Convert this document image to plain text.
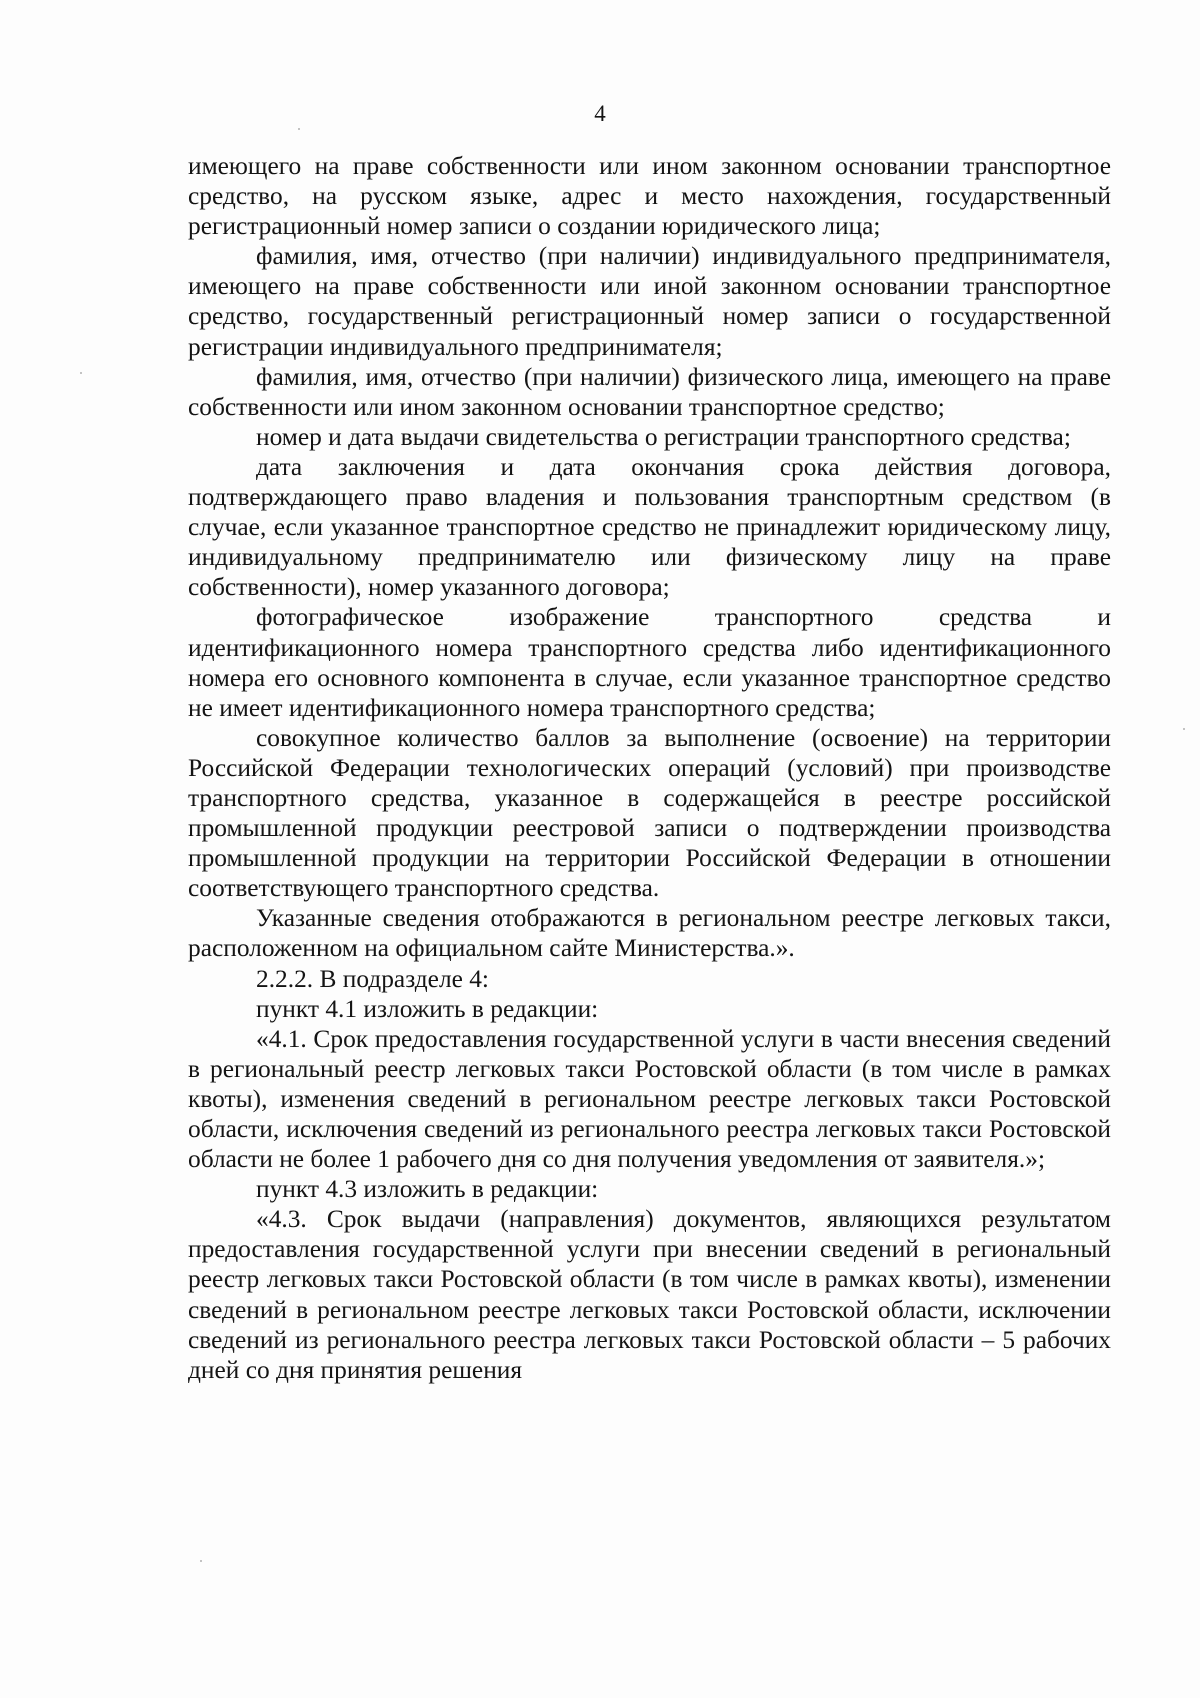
4

имеющего на праве собственности или ином законном основании транспортное средство, на русском языке, адрес и место нахождения, государственный регистрационный номер записи о создании юридического лица;

фамилия, имя, отчество (при наличии) индивидуального предпринимателя, имеющего на праве собственности или иной законном основании транспортное средство, государственный регистрационный номер записи о государственной регистрации индивидуального предпринимателя;

фамилия, имя, отчество (при наличии) физического лица, имеющего на праве собственности или ином законном основании транспортное средство;

номер и дата выдачи свидетельства о регистрации транспортного средства;

дата заключения и дата окончания срока действия договора, подтверждающего право владения и пользования транспортным средством (в случае, если указанное транспортное средство не принадлежит юридическому лицу, индивидуальному предпринимателю или физическому лицу на праве собственности), номер указанного договора;

фотографическое изображение транспортного средства и идентификационного номера транспортного средства либо идентификационного номера его основного компонента в случае, если указанное транспортное средство не имеет идентификационного номера транспортного средства;

совокупное количество баллов за выполнение (освоение) на территории Российской Федерации технологических операций (условий) при производстве транспортного средства, указанное в содержащейся в реестре российской промышленной продукции реестровой записи о подтверждении производства промышленной продукции на территории Российской Федерации в отношении соответствующего транспортного средства.

Указанные сведения отображаются в региональном реестре легковых такси, расположенном на официальном сайте Министерства.».

2.2.2. В подразделе 4:

пункт 4.1 изложить в редакции:

«4.1. Срок предоставления государственной услуги в части внесения сведений в региональный реестр легковых такси Ростовской области (в том числе в рамках квоты), изменения сведений в региональном реестре легковых такси Ростовской области, исключения сведений из регионального реестра легковых такси Ростовской области не более 1 рабочего дня со дня получения уведомления от заявителя.»;

пункт 4.3 изложить в редакции:

«4.3. Срок выдачи (направления) документов, являющихся результатом предоставления государственной услуги при внесении сведений в региональный реестр легковых такси Ростовской области (в том числе в рамках квоты), изменении сведений в региональном реестре легковых такси Ростовской области, исключении сведений из регионального реестра легковых такси Ростовской области – 5 рабочих дней со дня принятия решения
